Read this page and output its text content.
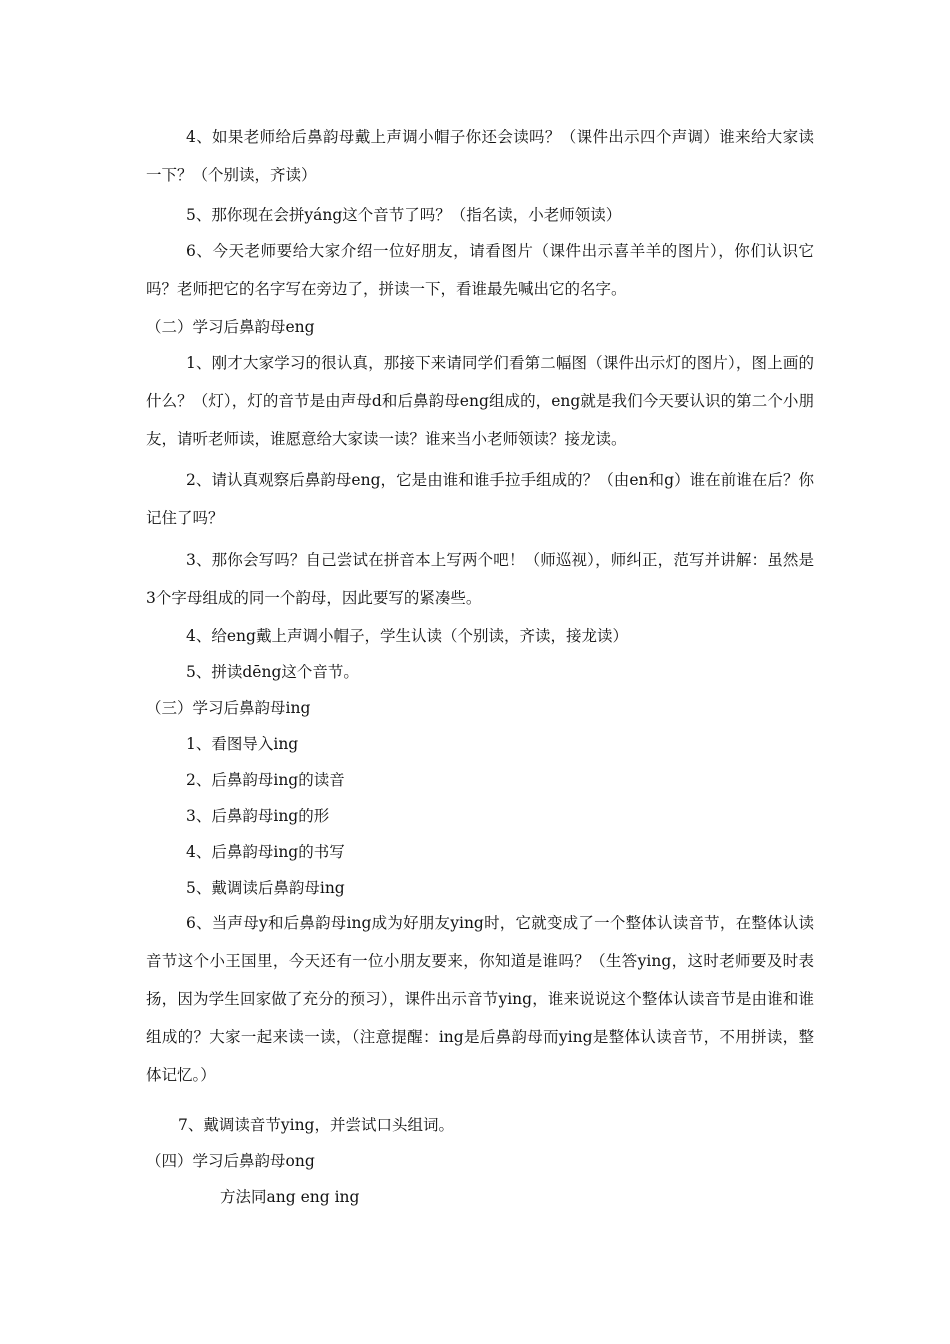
4、如果老师给后鼻韵母戴上声调小帽子你还会读吗？（课件出示四个声调）谁来给大家读一下？（个别读，齐读）
5、那你现在会拼yáng这个音节了吗？（指名读，小老师领读）
6、今天老师要给大家介绍一位好朋友，请看图片（课件出示喜羊羊的图片），你们认识它吗？老师把它的名字写在旁边了，拼读一下，看谁最先喊出它的名字。
（二）学习后鼻韵母eng
1、刚才大家学习的很认真，那接下来请同学们看第二幅图（课件出示灯的图片），图上画的什么？（灯），灯的音节是由声母d和后鼻韵母eng组成的，eng就是我们今天要认识的第二个小朋友，请听老师读，谁愿意给大家读一读？谁来当小老师领读？接龙读。
2、请认真观察后鼻韵母eng，它是由谁和谁手拉手组成的？（由en和g）谁在前谁在后？你记住了吗？
3、那你会写吗？自己尝试在拼音本上写两个吧！（师巡视），师纠正，范写并讲解：虽然是3个字母组成的同一个韵母，因此要写的紧凑些。
4、给eng戴上声调小帽子，学生认读（个别读，齐读，接龙读）
5、拼读dēng这个音节。
（三）学习后鼻韵母ing
1、看图导入ing
2、后鼻韵母ing的读音
3、后鼻韵母ing的形
4、后鼻韵母ing的书写
5、戴调读后鼻韵母ing
6、当声母y和后鼻韵母ing成为好朋友ying时，它就变成了一个整体认读音节，在整体认读音节这个小王国里，今天还有一位小朋友要来，你知道是谁吗？（生答ying，这时老师要及时表扬，因为学生回家做了充分的预习），课件出示音节ying，谁来说说这个整体认读音节是由谁和谁组成的？大家一起来读一读，（注意提醒：ing是后鼻韵母而ying是整体认读音节，不用拼读，整体记忆。）
7、戴调读音节ying，并尝试口头组词。
（四）学习后鼻韵母ong
方法同ang eng ing
